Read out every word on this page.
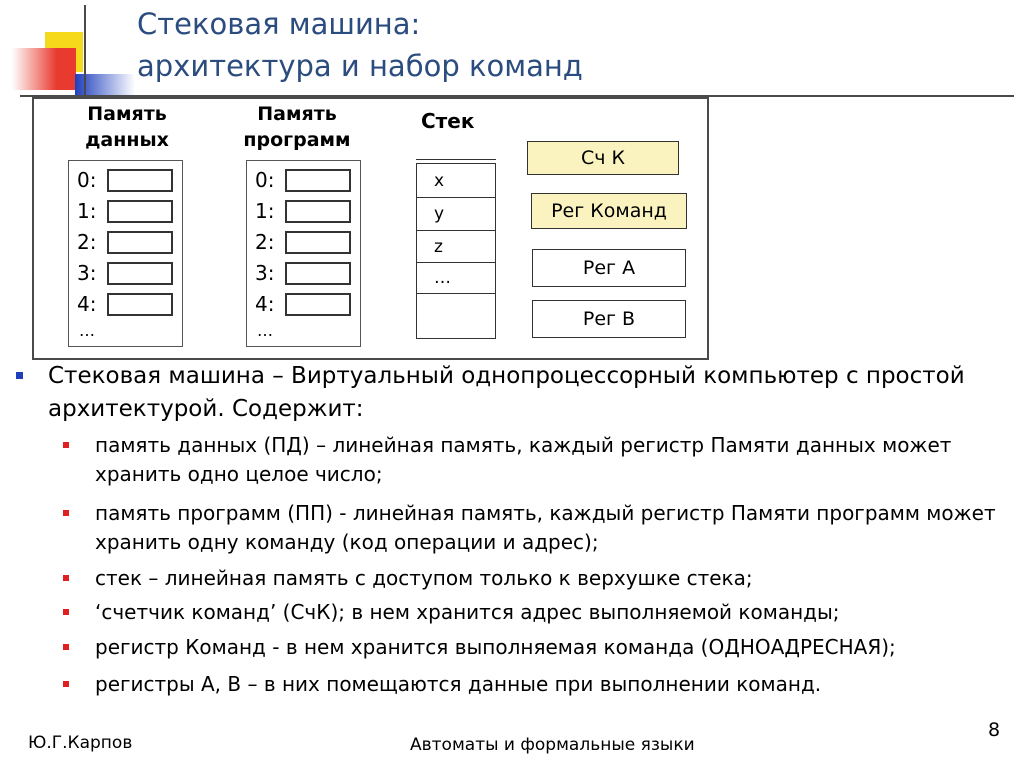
Стековая машина:
архитектура и набор команд
Память
данных
0:
1:
2:
3:
4:
…
Память
программ
0:
1:
2:
3:
4:
…
Стек
x
y
z
…
Сч К
Рег Команд
Рег А
Рег В
Стековая машина – Виртуальный однопроцессорный компьютер с простой архитектурой. Содержит:
память данных (ПД) – линейная память, каждый регистр Памяти данных может хранить одно целое число;
память программ (ПП) - линейная память, каждый регистр Памяти программ может хранить одну команду (код операции и адрес);
стек – линейная память с доступом только к верхушке стека;
‘счетчик команд’ (СчК); в нем хранится адрес выполняемой команды;
регистр Команд - в нем хранится выполняемая команда (ОДНОАДРЕСНАЯ);
регистры А, В – в них помещаются данные при выполнении команд.
Ю.Г.Карпов	Автоматы и формальные языки
8
